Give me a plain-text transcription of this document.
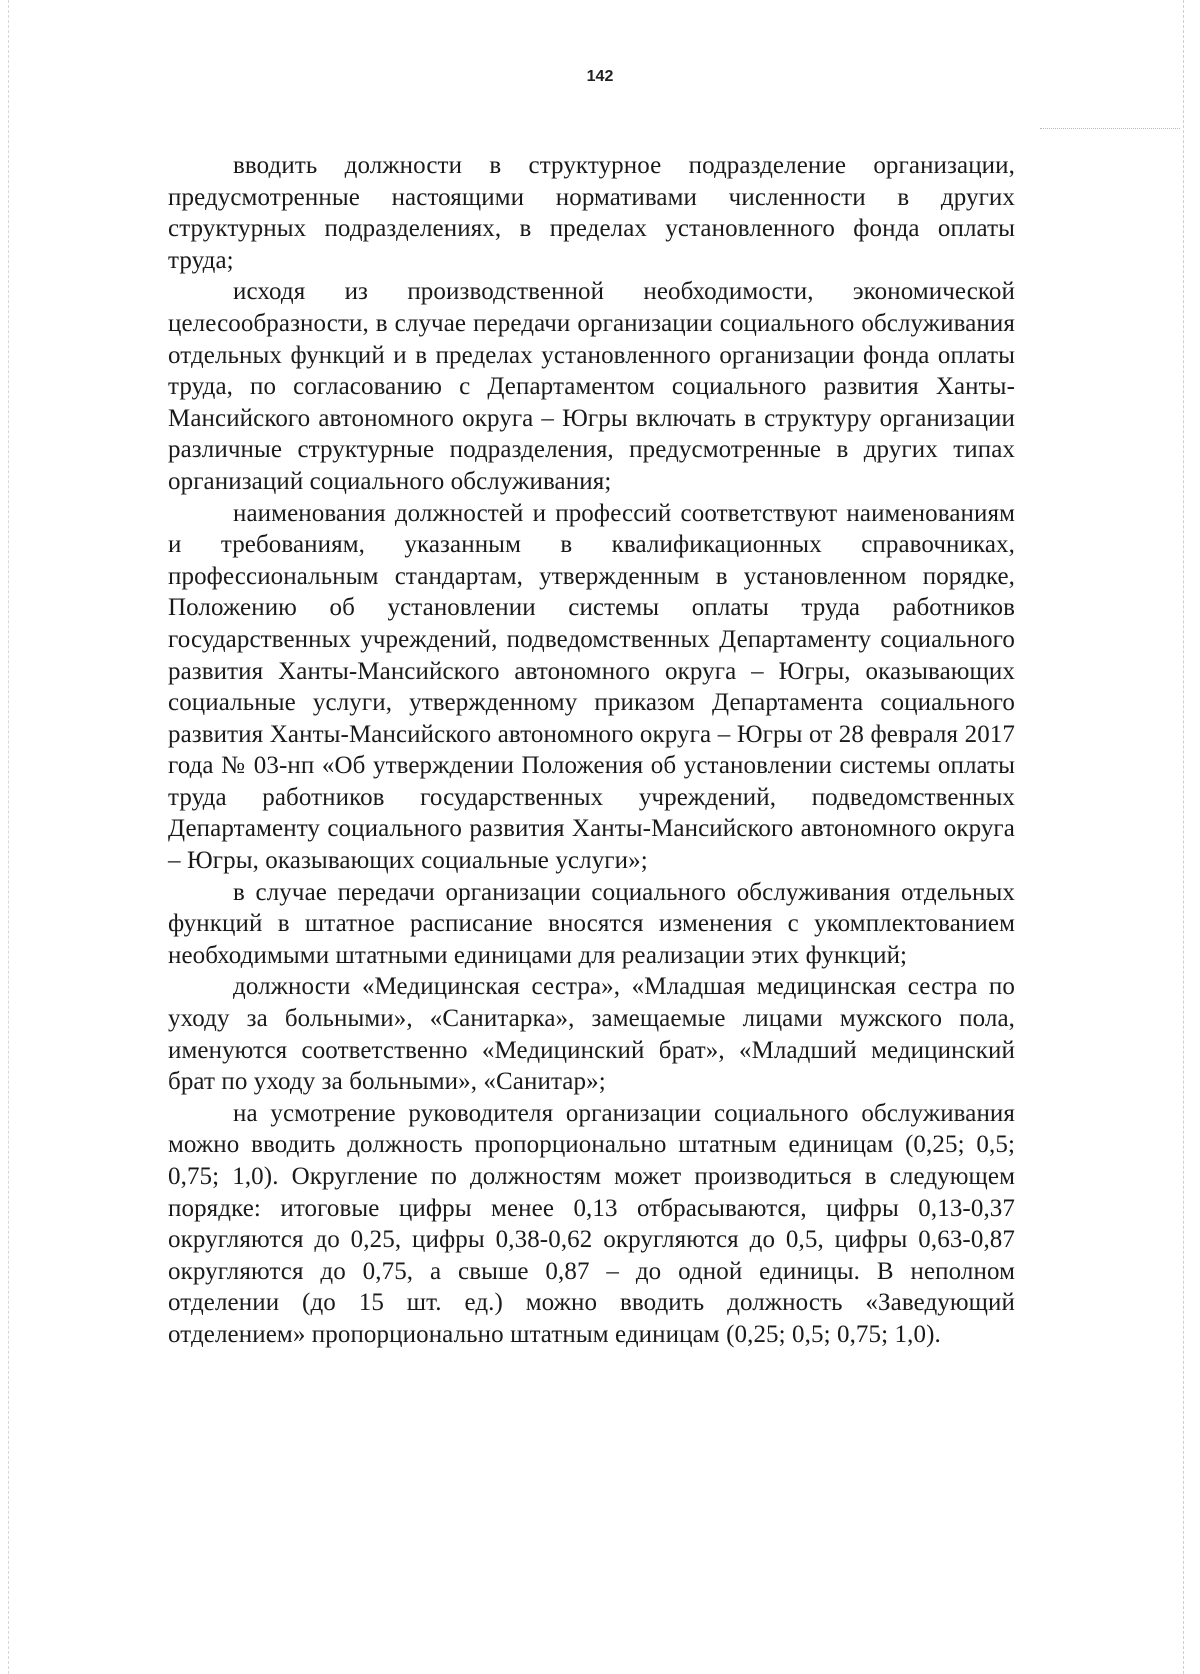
142

вводить должности в структурное подразделение организации, предусмотренные настоящими нормативами численности в других структурных подразделениях, в пределах установленного фонда оплаты труда;

исходя из производственной необходимости, экономической целесообразности, в случае передачи организации социального обслуживания отдельных функций и в пределах установленного организации фонда оплаты труда, по согласованию с Департаментом социального развития Ханты-Мансийского автономного округа – Югры включать в структуру организации различные структурные подразделения, предусмотренные в других типах организаций социального обслуживания;

наименования должностей и профессий соответствуют наименованиям и требованиям, указанным в квалификационных справочниках, профессиональным стандартам, утвержденным в установленном порядке, Положению об установлении системы оплаты труда работников государственных учреждений, подведомственных Департаменту социального развития Ханты-Мансийского автономного округа – Югры, оказывающих социальные услуги, утвержденному приказом Департамента социального развития Ханты-Мансийского автономного округа – Югры от 28 февраля 2017 года № 03-нп «Об утверждении Положения об установлении системы оплаты труда работников государственных учреждений, подведомственных Департаменту социального развития Ханты-Мансийского автономного округа – Югры, оказывающих социальные услуги»;

в случае передачи организации социального обслуживания отдельных функций в штатное расписание вносятся изменения с укомплектованием необходимыми штатными единицами для реализации этих функций;

должности «Медицинская сестра», «Младшая медицинская сестра по уходу за больными», «Санитарка», замещаемые лицами мужского пола, именуются соответственно «Медицинский брат», «Младший медицинский брат по уходу за больными», «Санитар»;

на усмотрение руководителя организации социального обслуживания можно вводить должность пропорционально штатным единицам (0,25; 0,5; 0,75; 1,0). Округление по должностям может производиться в следующем порядке: итоговые цифры менее 0,13 отбрасываются, цифры 0,13-0,37 округляются до 0,25, цифры 0,38-0,62 округляются до 0,5, цифры 0,63-0,87 округляются до 0,75, а свыше 0,87 – до одной единицы. В неполном отделении (до 15 шт. ед.) можно вводить должность «Заведующий отделением» пропорционально штатным единицам (0,25; 0,5; 0,75; 1,0).
